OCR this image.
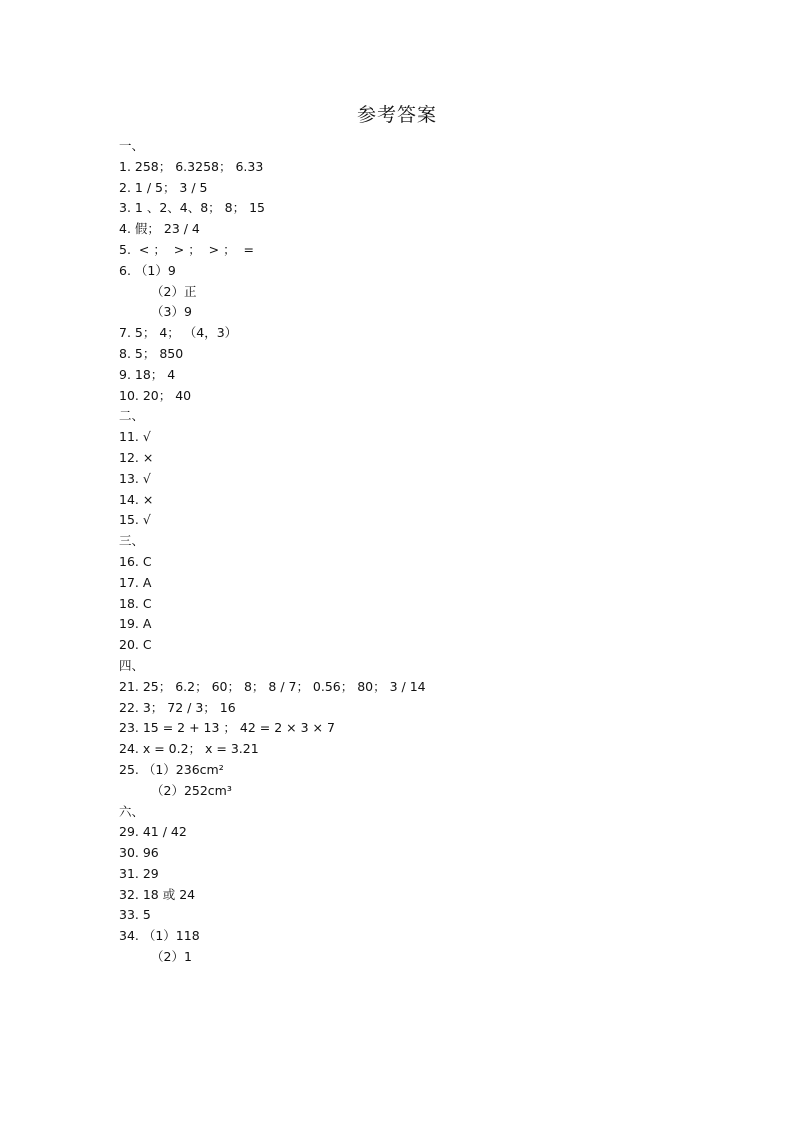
参考答案
一、
1. 258； 6.3258； 6.33
2. 1 / 5； 3 / 5
3. 1 、2、4、8； 8； 15
4. 假； 23 / 4
5.  < ；  > ；  > ；  =
6. （1）9
（2）正
（3）9
7. 5； 4； （4，3）
8. 5； 850
9. 18； 4
10. 20； 40
二、
11. √
12. ×
13. √
14. ×
15. √
三、
16. C
17. A
18. C
19. A
20. C
四、
21. 25； 6.2； 60； 8； 8 / 7； 0.56； 80； 3 / 14
22. 3； 72 / 3； 16
23. 15 = 2 + 13 ； 42 = 2 × 3 × 7
24. x = 0.2； x = 3.21
25. （1）236cm²
（2）252cm³
六、
29. 41 / 42
30. 96
31. 29
32. 18 或 24
33. 5
34. （1）118
（2）1
